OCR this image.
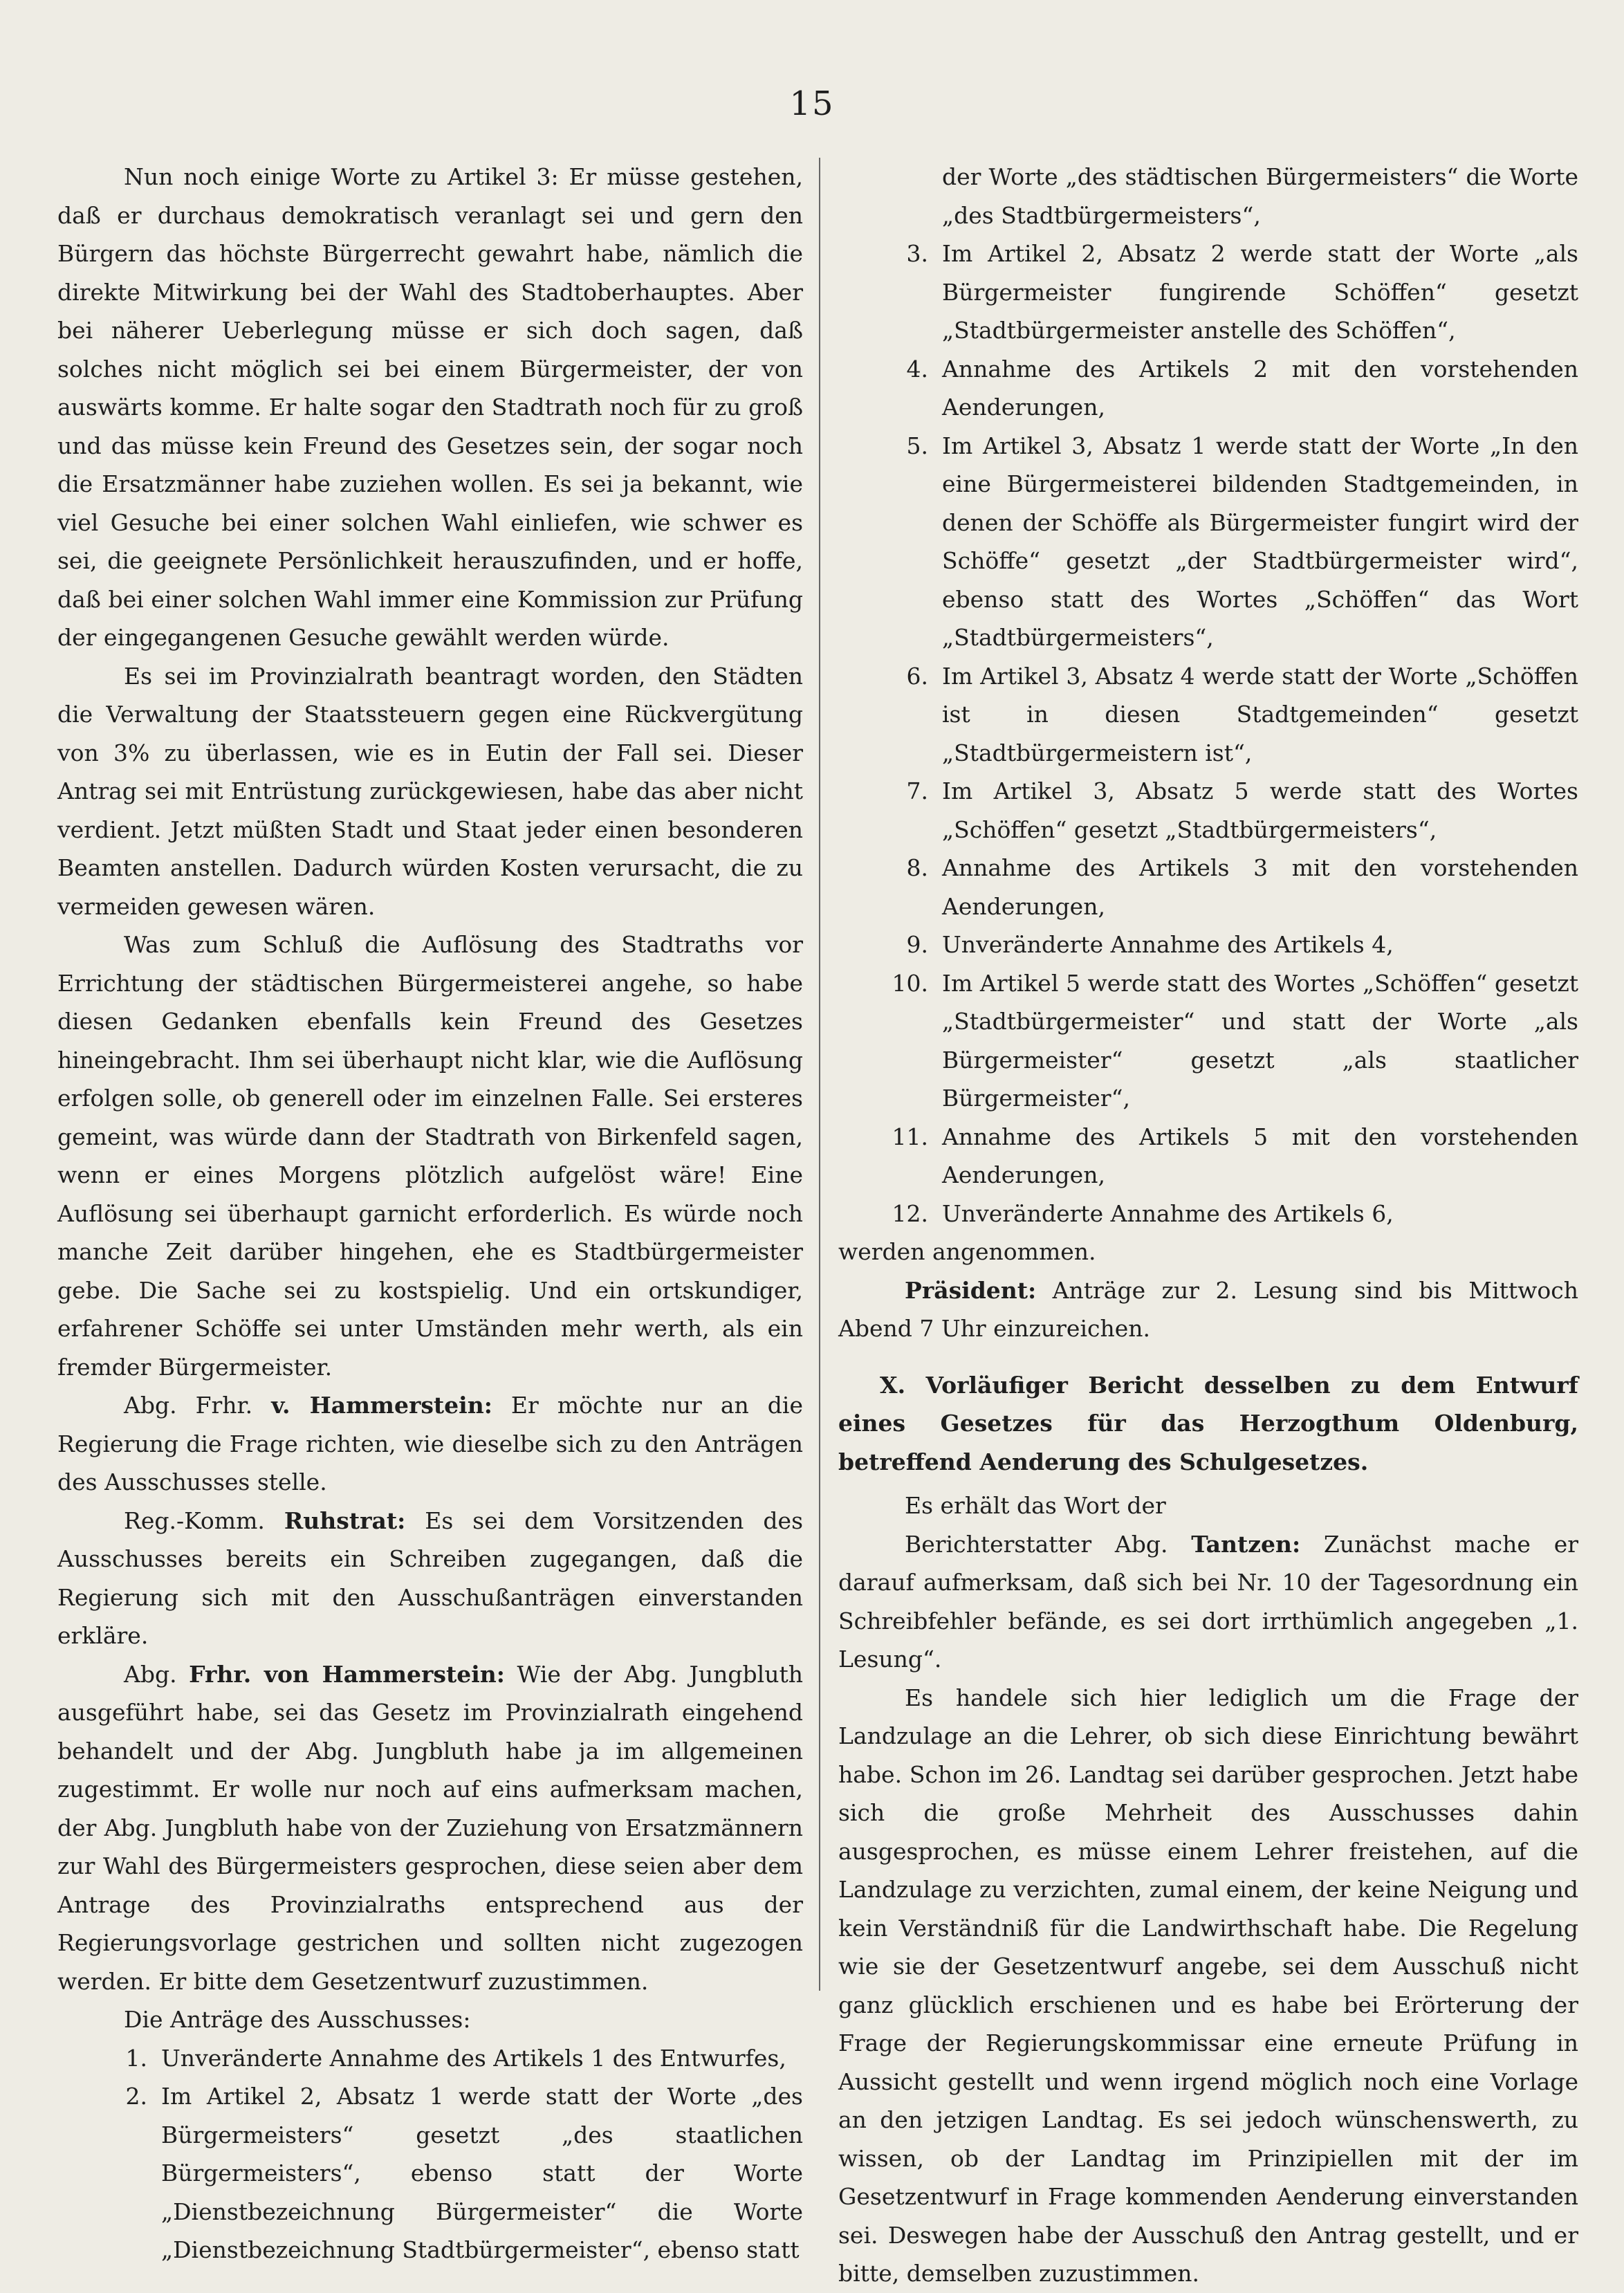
15

Nun noch einige Worte zu Artikel 3: Er müsse gestehen, daß er durchaus demokratisch veranlagt sei und gern den Bürgern das höchste Bürgerrecht gewahrt habe, nämlich die direkte Mitwirkung bei der Wahl des Stadtoberhauptes. Aber bei näherer Ueberlegung müsse er sich doch sagen, daß solches nicht möglich sei bei einem Bürgermeister, der von auswärts komme. Er halte sogar den Stadtrath noch für zu groß und das müsse kein Freund des Gesetzes sein, der sogar noch die Ersatzmänner habe zuziehen wollen. Es sei ja bekannt, wie viel Gesuche bei einer solchen Wahl einliefen, wie schwer es sei, die geeignete Persönlichkeit herauszufinden, und er hoffe, daß bei einer solchen Wahl immer eine Kommission zur Prüfung der eingegangenen Gesuche gewählt werden würde.

Es sei im Provinzialrath beantragt worden, den Städten die Verwaltung der Staatssteuern gegen eine Rückvergütung von 3% zu überlassen, wie es in Eutin der Fall sei. Dieser Antrag sei mit Entrüstung zurückgewiesen, habe das aber nicht verdient. Jetzt müßten Stadt und Staat jeder einen besonderen Beamten anstellen. Dadurch würden Kosten verursacht, die zu vermeiden gewesen wären.

Was zum Schluß die Auflösung des Stadtraths vor Errichtung der städtischen Bürgermeisterei angehe, so habe diesen Gedanken ebenfalls kein Freund des Gesetzes hineingebracht. Ihm sei überhaupt nicht klar, wie die Auflösung erfolgen solle, ob generell oder im einzelnen Falle. Sei ersteres gemeint, was würde dann der Stadtrath von Birkenfeld sagen, wenn er eines Morgens plötzlich aufgelöst wäre! Eine Auflösung sei überhaupt garnicht erforderlich. Es würde noch manche Zeit darüber hingehen, ehe es Stadtbürgermeister gebe. Die Sache sei zu kostspielig. Und ein ortskundiger, erfahrener Schöffe sei unter Umständen mehr werth, als ein fremder Bürgermeister.

Abg. Frhr. v. Hammerstein: Er möchte nur an die Regierung die Frage richten, wie dieselbe sich zu den Anträgen des Ausschusses stelle.

Reg.-Komm. Ruhstrat: Es sei dem Vorsitzenden des Ausschusses bereits ein Schreiben zugegangen, daß die Regierung sich mit den Ausschußanträgen einverstanden erkläre.

Abg. Frhr. von Hammerstein: Wie der Abg. Jungbluth ausgeführt habe, sei das Gesetz im Provinzialrath eingehend behandelt und der Abg. Jungbluth habe ja im allgemeinen zugestimmt. Er wolle nur noch auf eins aufmerksam machen, der Abg. Jungbluth habe von der Zuziehung von Ersatzmännern zur Wahl des Bürgermeisters gesprochen, diese seien aber dem Antrage des Provinzialraths entsprechend aus der Regierungsvorlage gestrichen und sollten nicht zugezogen werden. Er bitte dem Gesetzentwurf zuzustimmen.

Die Anträge des Ausschusses:

1. Unveränderte Annahme des Artikels 1 des Entwurfes,
2. Im Artikel 2, Absatz 1 werde statt der Worte „des Bürgermeisters“ gesetzt „des staatlichen Bürgermeisters“, ebenso statt der Worte „Dienstbezeichnung Bürgermeister“ die Worte „Dienstbezeichnung Stadtbürgermeister“, ebenso statt
der Worte „des städtischen Bürgermeisters“ die Worte „des Stadtbürgermeisters“,
3. Im Artikel 2, Absatz 2 werde statt der Worte „als Bürgermeister fungirende Schöffen“ gesetzt „Stadtbürgermeister anstelle des Schöffen“,
4. Annahme des Artikels 2 mit den vorstehenden Aenderungen,
5. Im Artikel 3, Absatz 1 werde statt der Worte „In den eine Bürgermeisterei bildenden Stadtgemeinden, in denen der Schöffe als Bürgermeister fungirt wird der Schöffe“ gesetzt „der Stadtbürgermeister wird“, ebenso statt des Wortes „Schöffen“ das Wort „Stadtbürgermeisters“,
6. Im Artikel 3, Absatz 4 werde statt der Worte „Schöffen ist in diesen Stadtgemeinden“ gesetzt „Stadtbürgermeistern ist“,
7. Im Artikel 3, Absatz 5 werde statt des Wortes „Schöffen“ gesetzt „Stadtbürgermeisters“,
8. Annahme des Artikels 3 mit den vorstehenden Aenderungen,
9. Unveränderte Annahme des Artikels 4,
10. Im Artikel 5 werde statt des Wortes „Schöffen“ gesetzt „Stadtbürgermeister“ und statt der Worte „als Bürgermeister“ gesetzt „als staatlicher Bürgermeister“,
11. Annahme des Artikels 5 mit den vorstehenden Aenderungen,
12. Unveränderte Annahme des Artikels 6,

werden angenommen.

Präsident: Anträge zur 2. Lesung sind bis Mittwoch Abend 7 Uhr einzureichen.

X. Vorläufiger Bericht desselben zu dem Entwurf eines Gesetzes für das Herzogthum Oldenburg, betreffend Aenderung des Schulgesetzes.

Es erhält das Wort der

Berichterstatter Abg. Tantzen: Zunächst mache er darauf aufmerksam, daß sich bei Nr. 10 der Tagesordnung ein Schreibfehler befände, es sei dort irrthümlich angegeben „1. Lesung“.

Es handele sich hier lediglich um die Frage der Landzulage an die Lehrer, ob sich diese Einrichtung bewährt habe. Schon im 26. Landtag sei darüber gesprochen. Jetzt habe sich die große Mehrheit des Ausschusses dahin ausgesprochen, es müsse einem Lehrer freistehen, auf die Landzulage zu verzichten, zumal einem, der keine Neigung und kein Verständniß für die Landwirthschaft habe. Die Regelung wie sie der Gesetzentwurf angebe, sei dem Ausschuß nicht ganz glücklich erschienen und es habe bei Erörterung der Frage der Regierungskommissar eine erneute Prüfung in Aussicht gestellt und wenn irgend möglich noch eine Vorlage an den jetzigen Landtag. Es sei jedoch wünschenswerth, zu wissen, ob der Landtag im Prinzipiellen mit der im Gesetzentwurf in Frage kommenden Aenderung einverstanden sei. Deswegen habe der Ausschuß den Antrag gestellt, und er bitte, demselben zuzustimmen.
